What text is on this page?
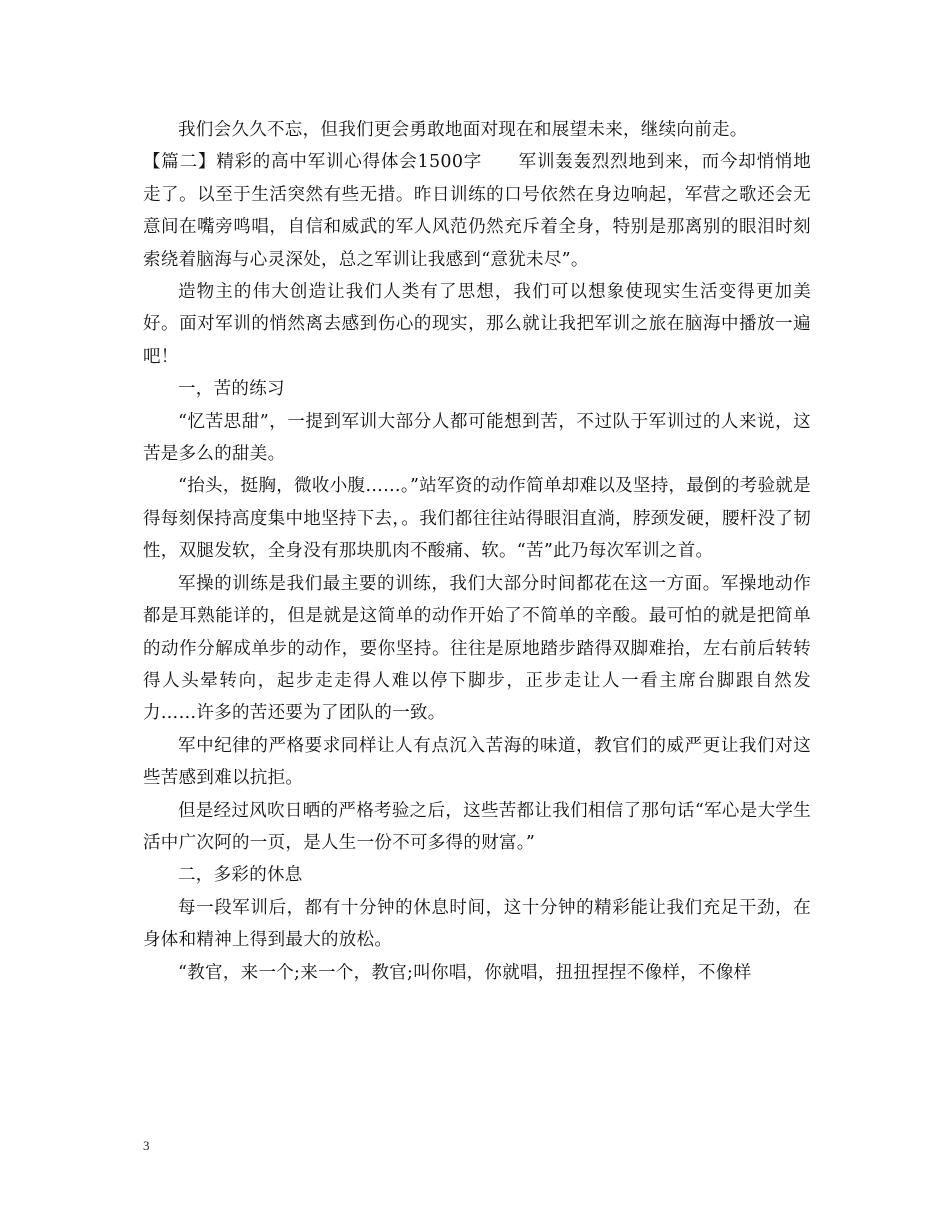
我们会久久不忘，但我们更会勇敢地面对现在和展望未来，继续向前走。

【篇二】精彩的高中军训心得体会1500字　　军训轰轰烈烈地到来，而今却悄悄地走了。以至于生活突然有些无措。昨日训练的口号依然在身边响起，军营之歌还会无意间在嘴旁鸣唱，自信和威武的军人风范仍然充斥着全身，特别是那离别的眼泪时刻索绕着脑海与心灵深处，总之军训让我感到“意犹未尽”。

造物主的伟大创造让我们人类有了思想，我们可以想象使现实生活变得更加美好。面对军训的悄然离去感到伤心的现实，那么就让我把军训之旅在脑海中播放一遍吧！

一，苦的练习

“忆苦思甜”，一提到军训大部分人都可能想到苦，不过队于军训过的人来说，这苦是多么的甜美。

“抬头，挺胸，微收小腹……。”站军资的动作简单却难以及坚持，最倒的考验就是得每刻保持高度集中地坚持下去，。我们都往往站得眼泪直淌，脖颈发硬，腰杆没了韧性，双腿发软，全身没有那块肌肉不酸痛、软。“苦”此乃每次军训之首。

军操的训练是我们最主要的训练，我们大部分时间都花在这一方面。军操地动作都是耳熟能详的，但是就是这简单的动作开始了不简单的辛酸。最可怕的就是把简单的动作分解成单步的动作，要你坚持。往往是原地踏步踏得双脚难抬，左右前后转转得人头晕转向，起步走走得人难以停下脚步，正步走让人一看主席台脚跟自然发力……许多的苦还要为了团队的一致。

军中纪律的严格要求同样让人有点沉入苦海的味道，教官们的威严更让我们对这些苦感到难以抗拒。

但是经过风吹日晒的严格考验之后，这些苦都让我们相信了那句话“军心是大学生活中广次阿的一页，是人生一份不可多得的财富。”

二，多彩的休息

每一段军训后，都有十分钟的休息时间，这十分钟的精彩能让我们充足干劲，在身体和精神上得到最大的放松。

“教官，来一个;来一个，教官;叫你唱，你就唱，扭扭捏捏不像样，不像样

3
